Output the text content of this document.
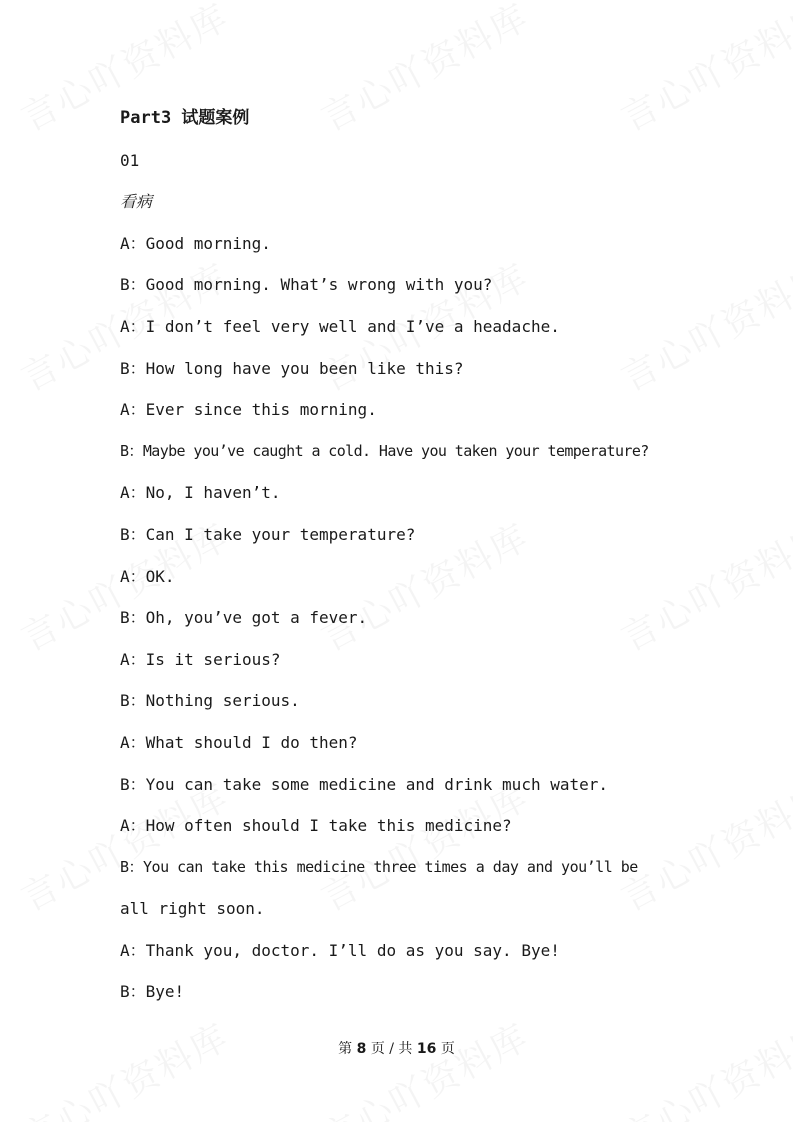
Part3 试题案例
01
看病
A：Good morning.
B：Good morning. What’s wrong with you?
A：I don’t feel very well and I’ve a headache.
B：How long have you been like this?
A：Ever since this morning.
B：Maybe you’ve caught a cold. Have you taken your temperature?
A：No, I haven’t.
B：Can I take your temperature?
A：OK.
B：Oh, you’ve got a fever.
A：Is it serious?
B：Nothing serious.
A：What should I do then?
B：You can take some medicine and drink much water.
A：How often should I take this medicine?
B：You can take this medicine three times a day and you’ll be
all right soon.
A：Thank you, doctor. I’ll do as you say. Bye!
B：Bye!
第 8 页 / 共 16 页
